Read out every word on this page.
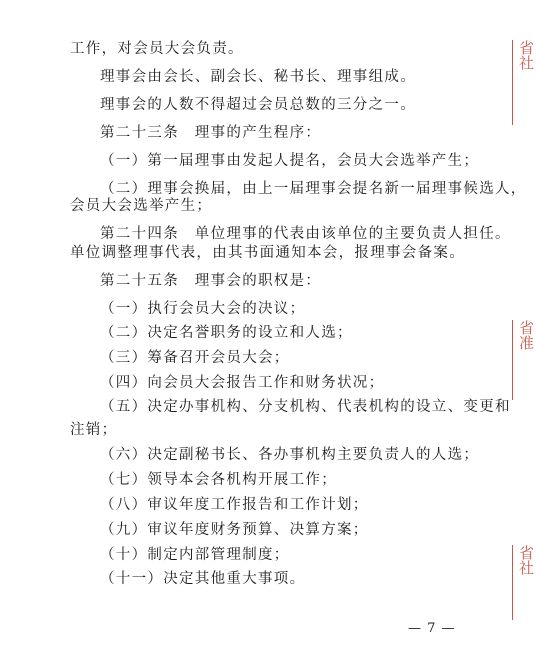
工作，对会员大会负责。
理事会由会长、副会长、秘书长、理事组成。
理事会的人数不得超过会员总数的三分之一。
第二十三条　理事的产生程序：
（一）第一届理事由发起人提名，会员大会选举产生；
（二）理事会换届，由上一届理事会提名新一届理事候选人，
会员大会选举产生；
第二十四条　单位理事的代表由该单位的主要负责人担任。
单位调整理事代表，由其书面通知本会，报理事会备案。
第二十五条　理事会的职权是：
（一）执行会员大会的决议；
（二）决定名誉职务的设立和人选；
（三）筹备召开会员大会；
（四）向会员大会报告工作和财务状况；
（五）决定办事机构、分支机构、代表机构的设立、变更和
注销；
（六）决定副秘书长、各办事机构主要负责人的人选；
（七）领导本会各机构开展工作；
（八）审议年度工作报告和工作计划；
（九）审议年度财务预算、决算方案；
（十）制定内部管理制度；
（十一）决定其他重大事项。
— 7 —
省社
省准
省社
